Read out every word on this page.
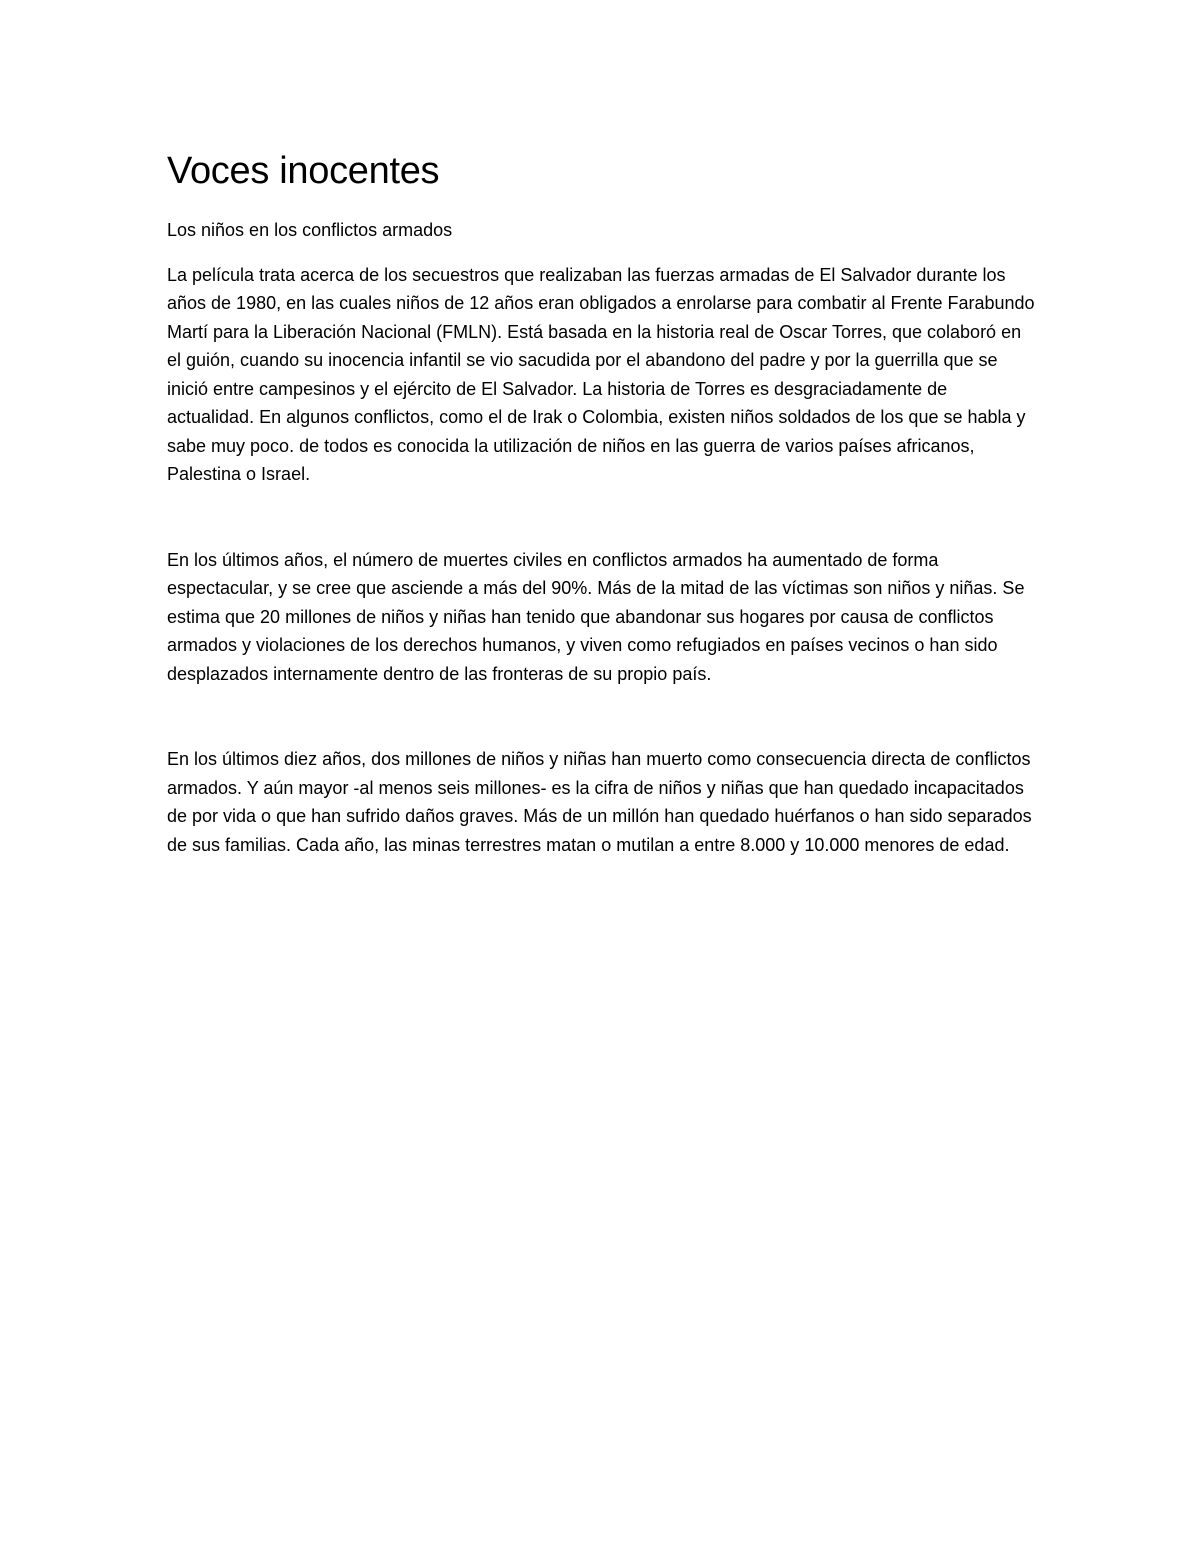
Voces inocentes

Los niños en los conflictos armados

La película trata acerca de los secuestros que realizaban las fuerzas armadas de El Salvador durante los años de 1980, en las cuales niños de 12 años eran obligados a enrolarse para combatir al Frente Farabundo Martí para la Liberación Nacional (FMLN). Está basada en la historia real de Oscar Torres, que colaboró en el guión, cuando su inocencia infantil se vio sacudida por el abandono del padre y por la guerrilla que se inició entre campesinos y el ejército de El Salvador. La historia de Torres es desgraciadamente de actualidad. En algunos conflictos, como el de Irak o Colombia, existen niños soldados de los que se habla y sabe muy poco. de todos es conocida la utilización de niños en las guerra de varios países africanos, Palestina o Israel.

En los últimos años, el número de muertes civiles en conflictos armados ha aumentado de forma espectacular, y se cree que asciende a más del 90%. Más de la mitad de las víctimas son niños y niñas. Se estima que 20 millones de niños y niñas han tenido que abandonar sus hogares por causa de conflictos armados y violaciones de los derechos humanos, y viven como refugiados en países vecinos o han sido desplazados internamente dentro de las fronteras de su propio país.

En los últimos diez años, dos millones de niños y niñas han muerto como consecuencia directa de conflictos armados. Y aún mayor -al menos seis millones- es la cifra de niños y niñas que han quedado incapacitados de por vida o que han sufrido daños graves. Más de un millón han quedado huérfanos o han sido separados de sus familias. Cada año, las minas terrestres matan o mutilan a entre 8.000 y 10.000 menores de edad.
